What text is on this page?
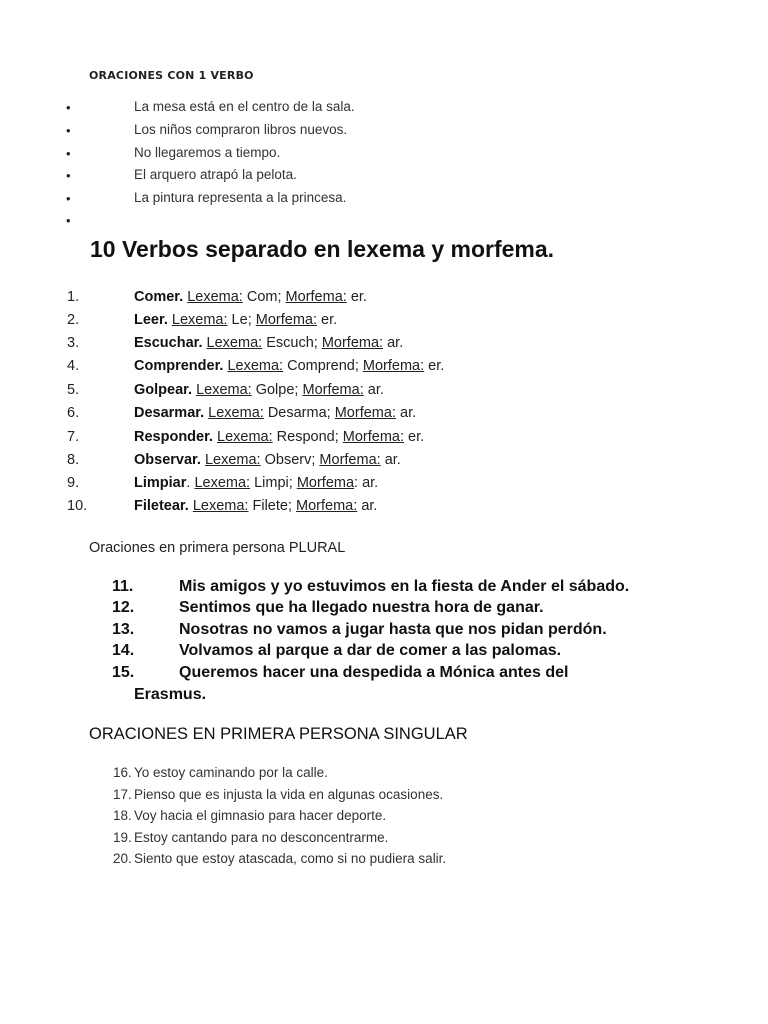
ORACIONES CON 1 VERBO
•	La mesa está en el centro de la sala.
•	Los niños compraron libros nuevos.
•	No llegaremos a tiempo.
•	El arquero atrapó la pelota.
•	La pintura representa a la princesa.
•
10 Verbos separado en lexema y morfema.
1.	Comer. Lexema: Com; Morfema: er.
2.	Leer. Lexema: Le; Morfema: er.
3.	Escuchar. Lexema: Escuch; Morfema: ar.
4.	Comprender. Lexema: Comprend; Morfema: er.
5.	Golpear. Lexema: Golpe; Morfema: ar.
6.	Desarmar. Lexema: Desarma; Morfema: ar.
7.	Responder. Lexema: Respond; Morfema: er.
8.	Observar. Lexema: Observ; Morfema: ar.
9.	Limpiar. Lexema: Limpi; Morfema: ar.
10.	Filetear. Lexema: Filete; Morfema: ar.
Oraciones en primera persona PLURAL
11.	Mis amigos y yo estuvimos en la fiesta de Ander el sábado.
12.	Sentimos que ha llegado nuestra hora de ganar.
13.	Nosotras no vamos a jugar hasta que nos pidan perdón.
14.	Volvamos al parque a dar de comer a las palomas.
15.	Queremos hacer una despedida a Mónica antes del
Erasmus.
ORACIONES EN PRIMERA PERSONA SINGULAR
16. Yo estoy caminando por la calle.
17. Pienso que es injusta la vida en algunas ocasiones.
18. Voy hacia el gimnasio para hacer deporte.
19. Estoy cantando para no desconcentrarme.
20. Siento que estoy atascada, como si no pudiera salir.
